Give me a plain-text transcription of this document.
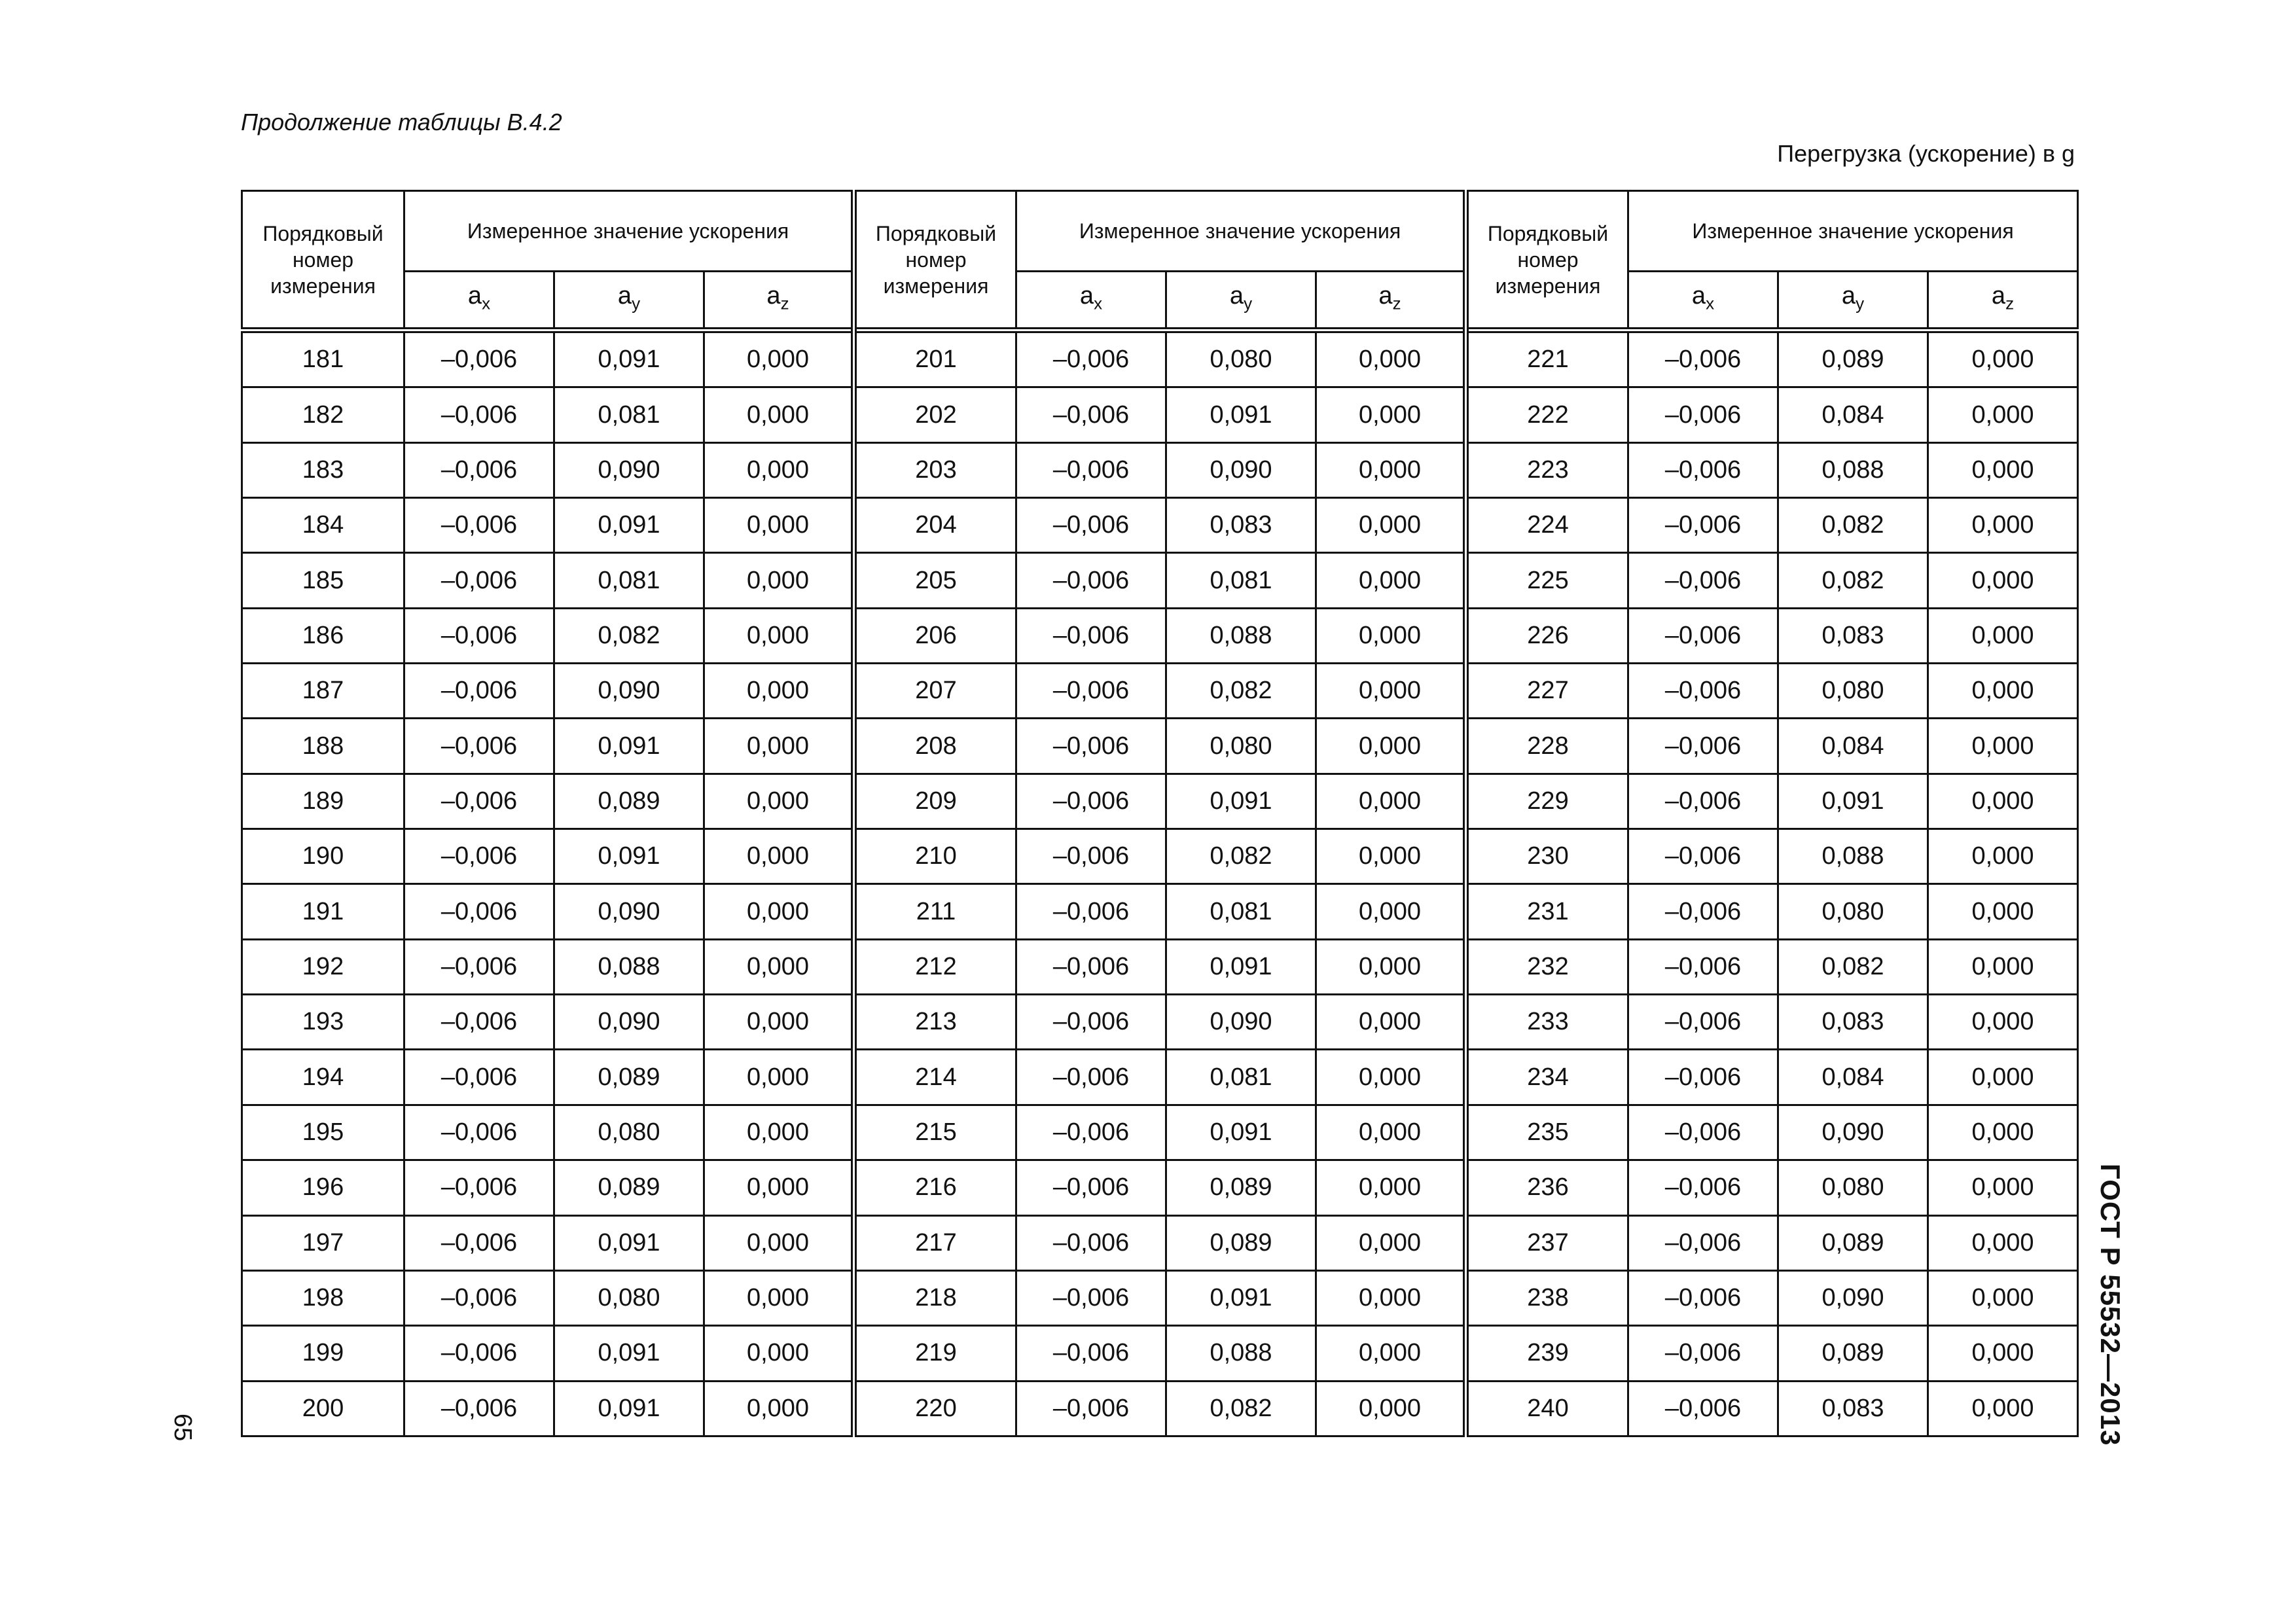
Продолжение таблицы В.4.2

Перегрузка (ускорение) в g

Порядковый номер измерения	Измеренное значение ускорения			Порядковый номер измерения	Измеренное значение ускорения			Порядковый номер измерения	Измеренное значение ускорения		
	$a_x$	$a_y$	$a_z$		$a_x$	$a_y$	$a_z$		$a_x$	$a_y$	$a_z$
181	–0,006	0,091	0,000	201	–0,006	0,080	0,000	221	–0,006	0,089	0,000
182	–0,006	0,081	0,000	202	–0,006	0,091	0,000	222	–0,006	0,084	0,000
183	–0,006	0,090	0,000	203	–0,006	0,090	0,000	223	–0,006	0,088	0,000
184	–0,006	0,091	0,000	204	–0,006	0,083	0,000	224	–0,006	0,082	0,000
185	–0,006	0,081	0,000	205	–0,006	0,081	0,000	225	–0,006	0,082	0,000
186	–0,006	0,082	0,000	206	–0,006	0,088	0,000	226	–0,006	0,083	0,000
187	–0,006	0,090	0,000	207	–0,006	0,082	0,000	227	–0,006	0,080	0,000
188	–0,006	0,091	0,000	208	–0,006	0,080	0,000	228	–0,006	0,084	0,000
189	–0,006	0,089	0,000	209	–0,006	0,091	0,000	229	–0,006	0,091	0,000
190	–0,006	0,091	0,000	210	–0,006	0,082	0,000	230	–0,006	0,088	0,000
191	–0,006	0,090	0,000	211	–0,006	0,081	0,000	231	–0,006	0,080	0,000
192	–0,006	0,088	0,000	212	–0,006	0,091	0,000	232	–0,006	0,082	0,000
193	–0,006	0,090	0,000	213	–0,006	0,090	0,000	233	–0,006	0,083	0,000
194	–0,006	0,089	0,000	214	–0,006	0,081	0,000	234	–0,006	0,084	0,000
195	–0,006	0,080	0,000	215	–0,006	0,091	0,000	235	–0,006	0,090	0,000
196	–0,006	0,089	0,000	216	–0,006	0,089	0,000	236	–0,006	0,080	0,000
197	–0,006	0,091	0,000	217	–0,006	0,089	0,000	237	–0,006	0,089	0,000
198	–0,006	0,080	0,000	218	–0,006	0,091	0,000	238	–0,006	0,090	0,000
199	–0,006	0,091	0,000	219	–0,006	0,088	0,000	239	–0,006	0,089	0,000
200	–0,006	0,091	0,000	220	–0,006	0,082	0,000	240	–0,006	0,083	0,000
65	ГОСТ Р 55532—2013
